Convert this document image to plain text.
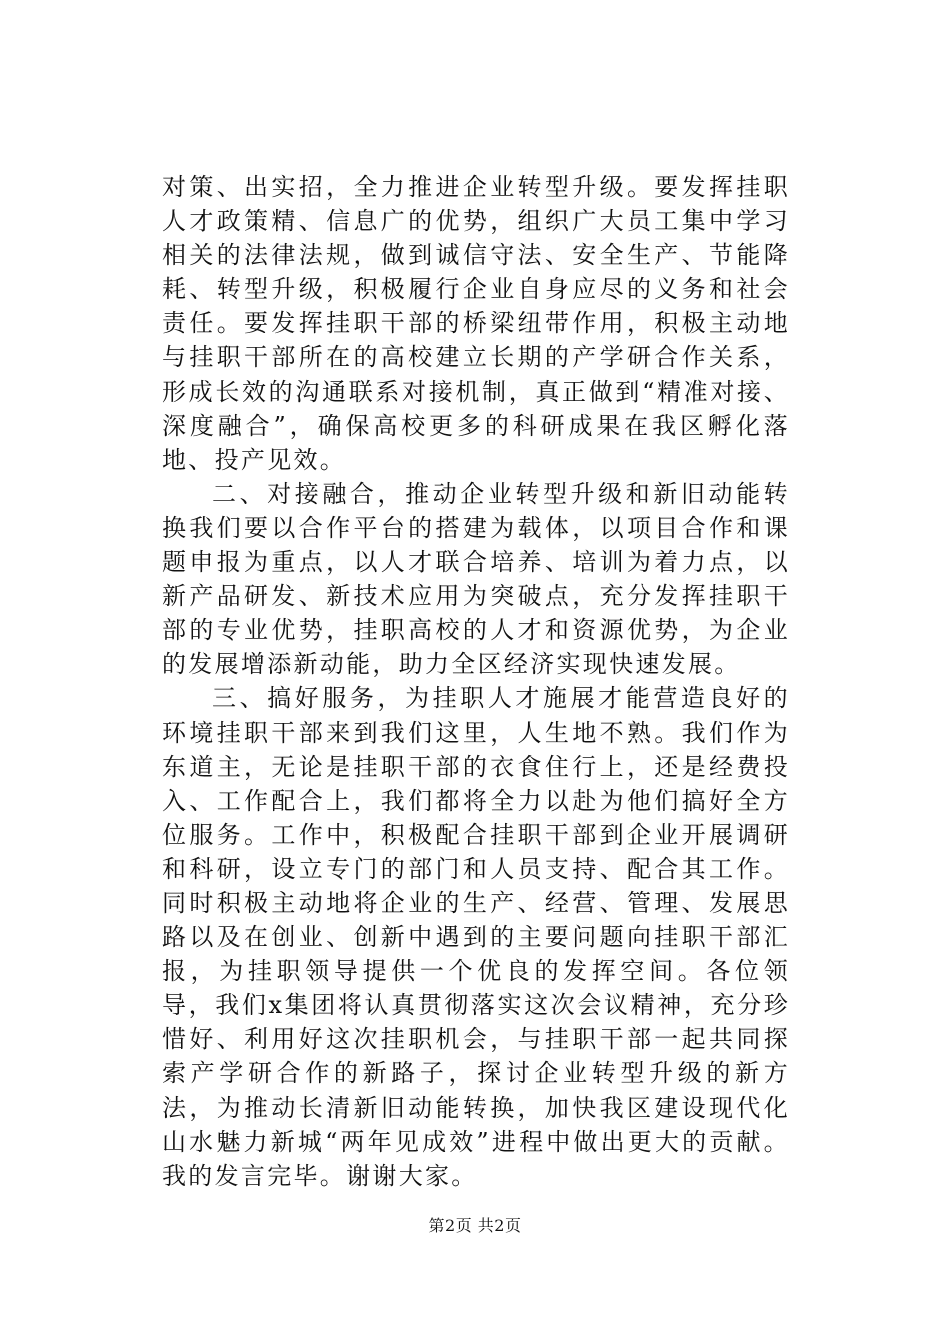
对策、出实招，全力推进企业转型升级。要发挥挂职人才政策精、信息广的优势，组织广大员工集中学习相关的法律法规，做到诚信守法、安全生产、节能降耗、转型升级，积极履行企业自身应尽的义务和社会责任。要发挥挂职干部的桥梁纽带作用，积极主动地与挂职干部所在的高校建立长期的产学研合作关系，形成长效的沟通联系对接机制，真正做到“精准对接、深度融合”，确保高校更多的科研成果在我区孵化落地、投产见效。

二、对接融合，推动企业转型升级和新旧动能转换我们要以合作平台的搭建为载体，以项目合作和课题申报为重点，以人才联合培养、培训为着力点，以新产品研发、新技术应用为突破点，充分发挥挂职干部的专业优势，挂职高校的人才和资源优势，为企业的发展增添新动能，助力全区经济实现快速发展。

三、搞好服务，为挂职人才施展才能营造良好的环境挂职干部来到我们这里，人生地不熟。我们作为东道主，无论是挂职干部的衣食住行上，还是经费投入、工作配合上，我们都将全力以赴为他们搞好全方位服务。工作中，积极配合挂职干部到企业开展调研和科研，设立专门的部门和人员支持、配合其工作。同时积极主动地将企业的生产、经营、管理、发展思路以及在创业、创新中遇到的主要问题向挂职干部汇报，为挂职领导提供一个优良的发挥空间。各位领导，我们x集团将认真贯彻落实这次会议精神，充分珍惜好、利用好这次挂职机会，与挂职干部一起共同探索产学研合作的新路子，探讨企业转型升级的新方法，为推动长清新旧动能转换，加快我区建设现代化山水魅力新城“两年见成效”进程中做出更大的贡献。我的发言完毕。谢谢大家。

第2页 共2页
